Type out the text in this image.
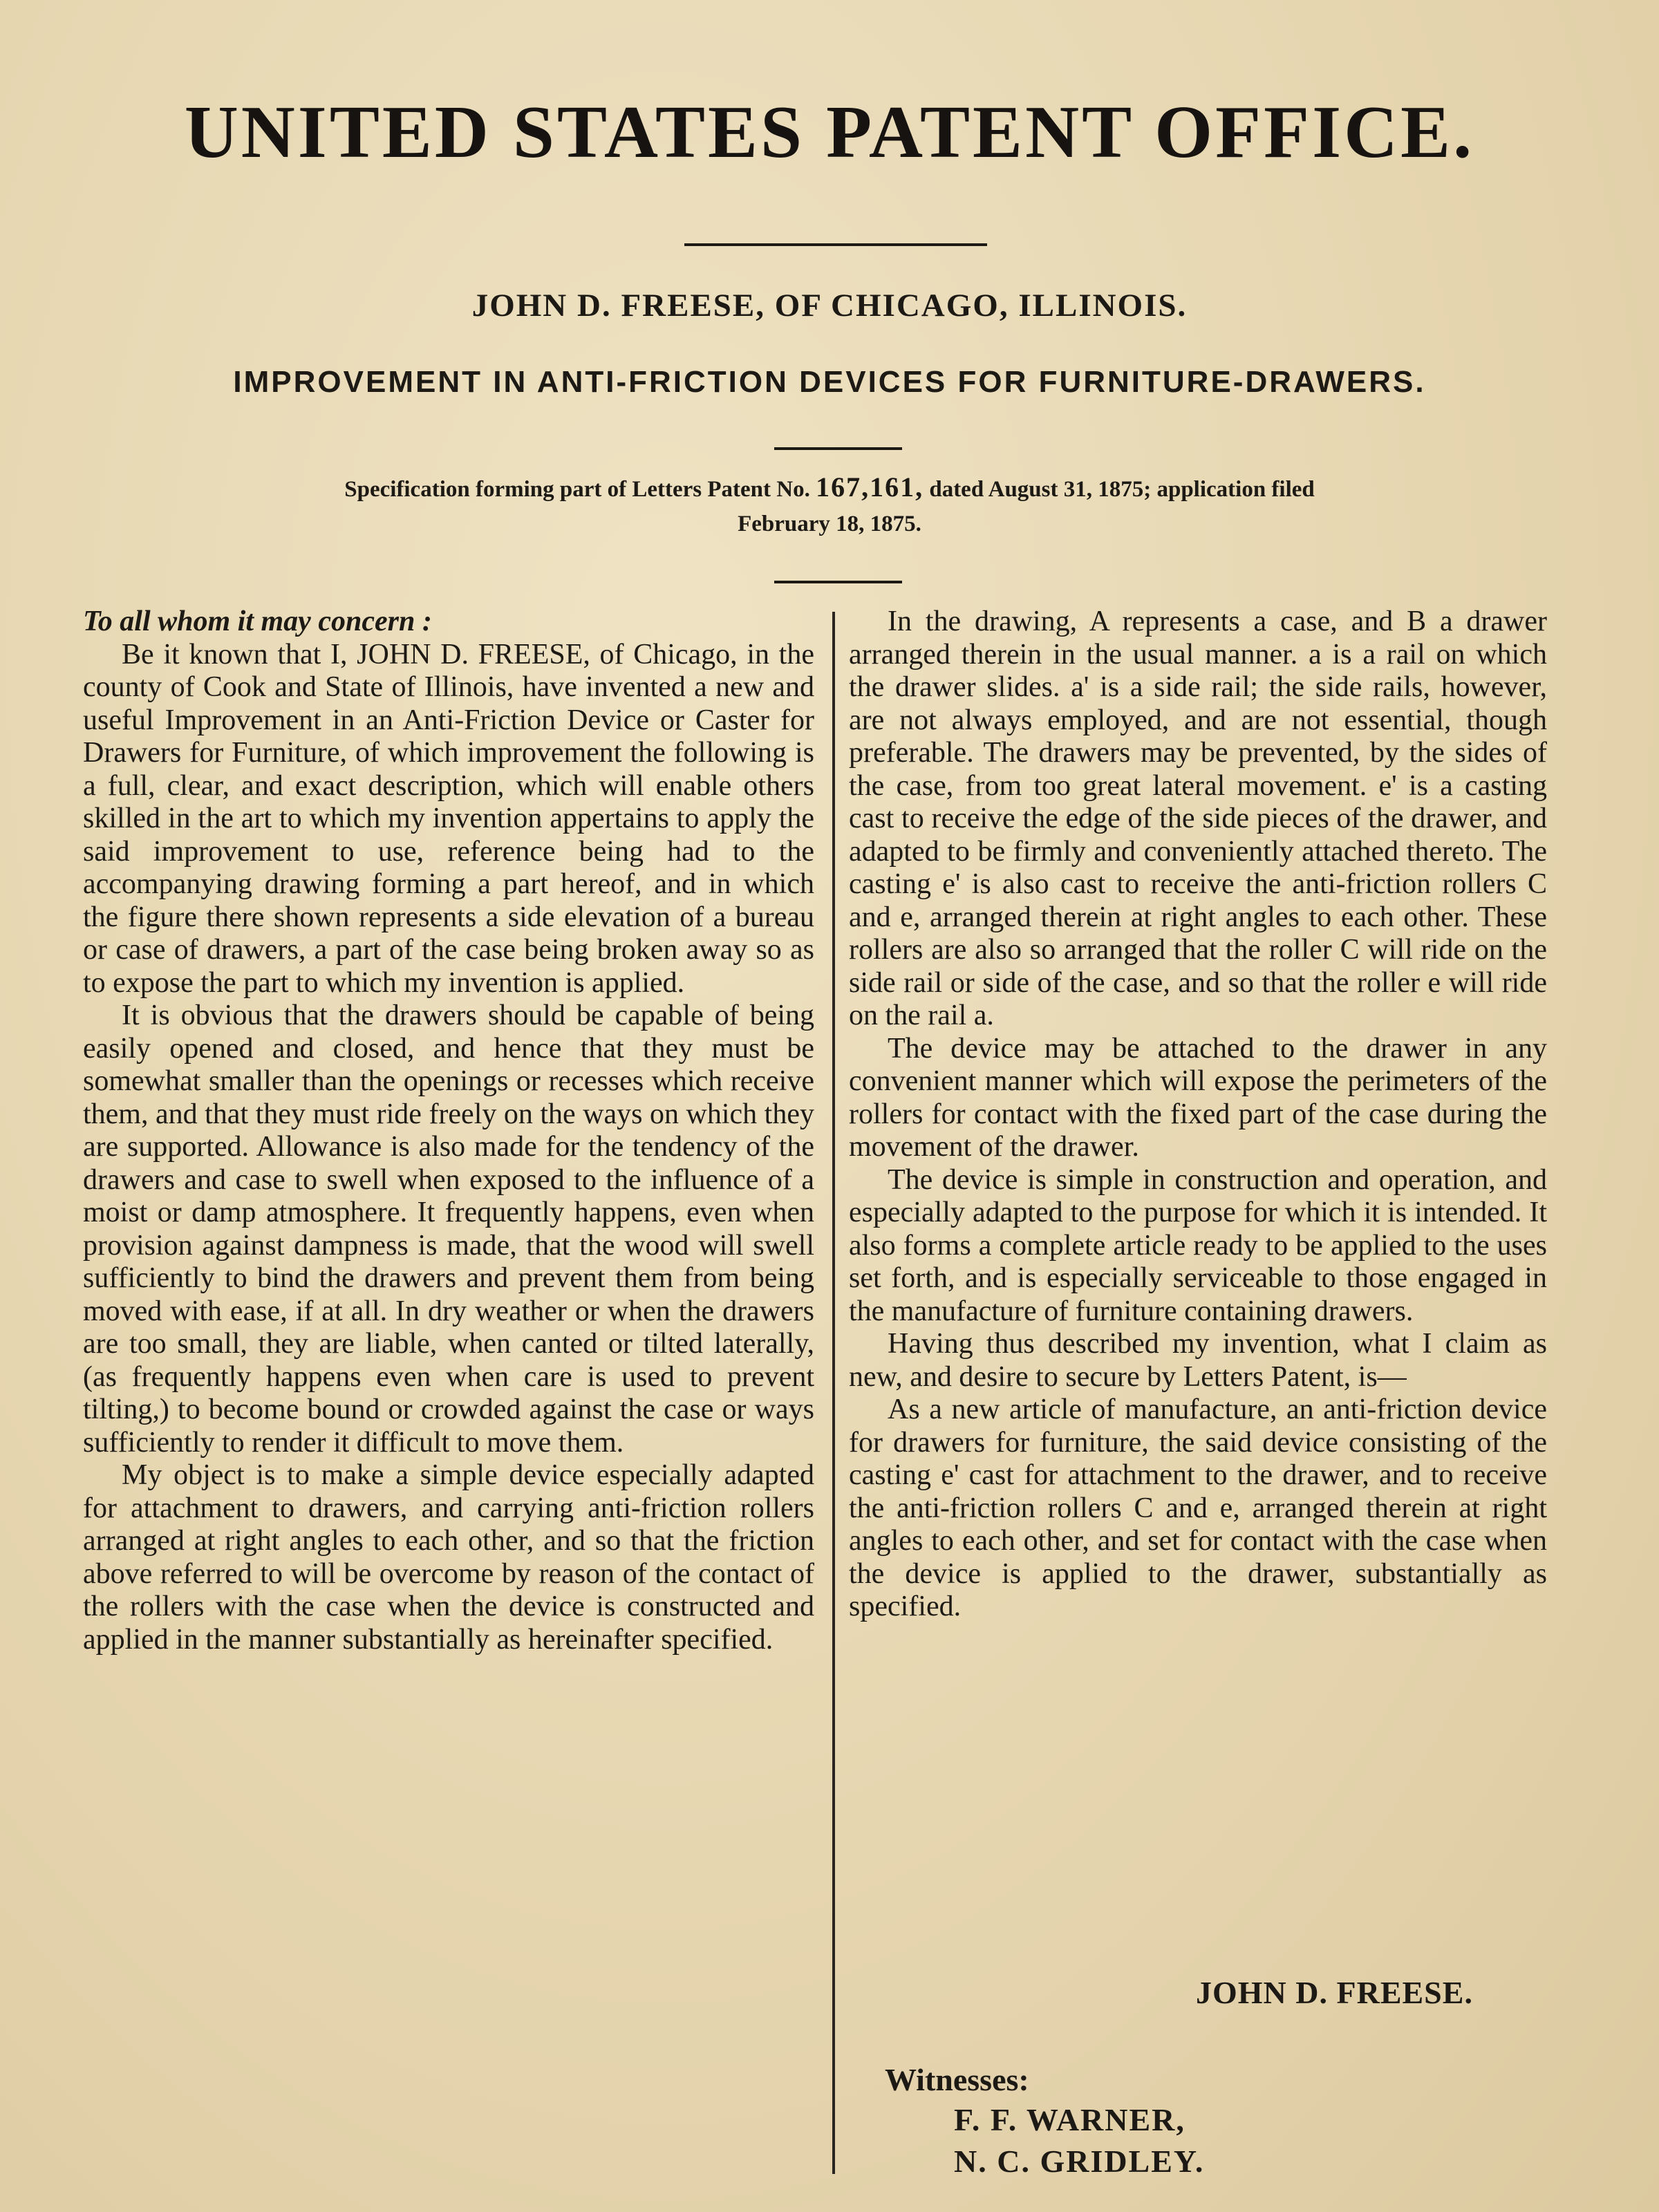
UNITED STATES PATENT OFFICE.
JOHN D. FREESE, OF CHICAGO, ILLINOIS.
IMPROVEMENT IN ANTI-FRICTION DEVICES FOR FURNITURE-DRAWERS.
Specification forming part of Letters Patent No. 167,161, dated August 31, 1875; application filed
February 18, 1875.

To all whom it may concern :

Be it known that I, JOHN D. FREESE, of Chicago, in the county of Cook and State of Illinois, have invented a new and useful Improvement in an Anti-Friction Device or Caster for Drawers for Furniture, of which improvement the following is a full, clear, and exact description, which will enable others skilled in the art to which my invention appertains to apply the said improvement to use, reference being had to the accompanying drawing forming a part hereof, and in which the figure there shown represents a side elevation of a bureau or case of drawers, a part of the case being broken away so as to expose the part to which my invention is applied.

It is obvious that the drawers should be capable of being easily opened and closed, and hence that they must be somewhat smaller than the openings or recesses which receive them, and that they must ride freely on the ways on which they are supported. Allowance is also made for the tendency of the drawers and case to swell when exposed to the influence of a moist or damp atmosphere. It frequently happens, even when provision against dampness is made, that the wood will swell sufficiently to bind the drawers and prevent them from being moved with ease, if at all. In dry weather or when the drawers are too small, they are liable, when canted or tilted laterally, (as frequently happens even when care is used to prevent tilting,) to become bound or crowded against the case or ways sufficiently to render it difficult to move them.

My object is to make a simple device especially adapted for attachment to drawers, and carrying anti-friction rollers arranged at right angles to each other, and so that the friction above referred to will be overcome by reason of the contact of the rollers with the case when the device is constructed and applied in the manner substantially as hereinafter specified.

In the drawing, A represents a case, and B a drawer arranged therein in the usual manner. a is a rail on which the drawer slides. a' is a side rail; the side rails, however, are not always employed, and are not essential, though preferable. The drawers may be prevented, by the sides of the case, from too great lateral movement. e' is a casting cast to receive the edge of the side pieces of the drawer, and adapted to be firmly and conveniently attached thereto. The casting e' is also cast to receive the anti-friction rollers C and e, arranged therein at right angles to each other. These rollers are also so arranged that the roller C will ride on the side rail or side of the case, and so that the roller e will ride on the rail a.

The device may be attached to the drawer in any convenient manner which will expose the perimeters of the rollers for contact with the fixed part of the case during the movement of the drawer.

The device is simple in construction and operation, and especially adapted to the purpose for which it is intended. It also forms a complete article ready to be applied to the uses set forth, and is especially serviceable to those engaged in the manufacture of furniture containing drawers.

Having thus described my invention, what I claim as new, and desire to secure by Letters Patent, is—

As a new article of manufacture, an anti-friction device for drawers for furniture, the said device consisting of the casting e' cast for attachment to the drawer, and to receive the anti-friction rollers C and e, arranged therein at right angles to each other, and set for contact with the case when the device is applied to the drawer, substantially as specified.

JOHN D. FREESE.
Witnesses:
F. F. WARNER,
N. C. GRIDLEY.
